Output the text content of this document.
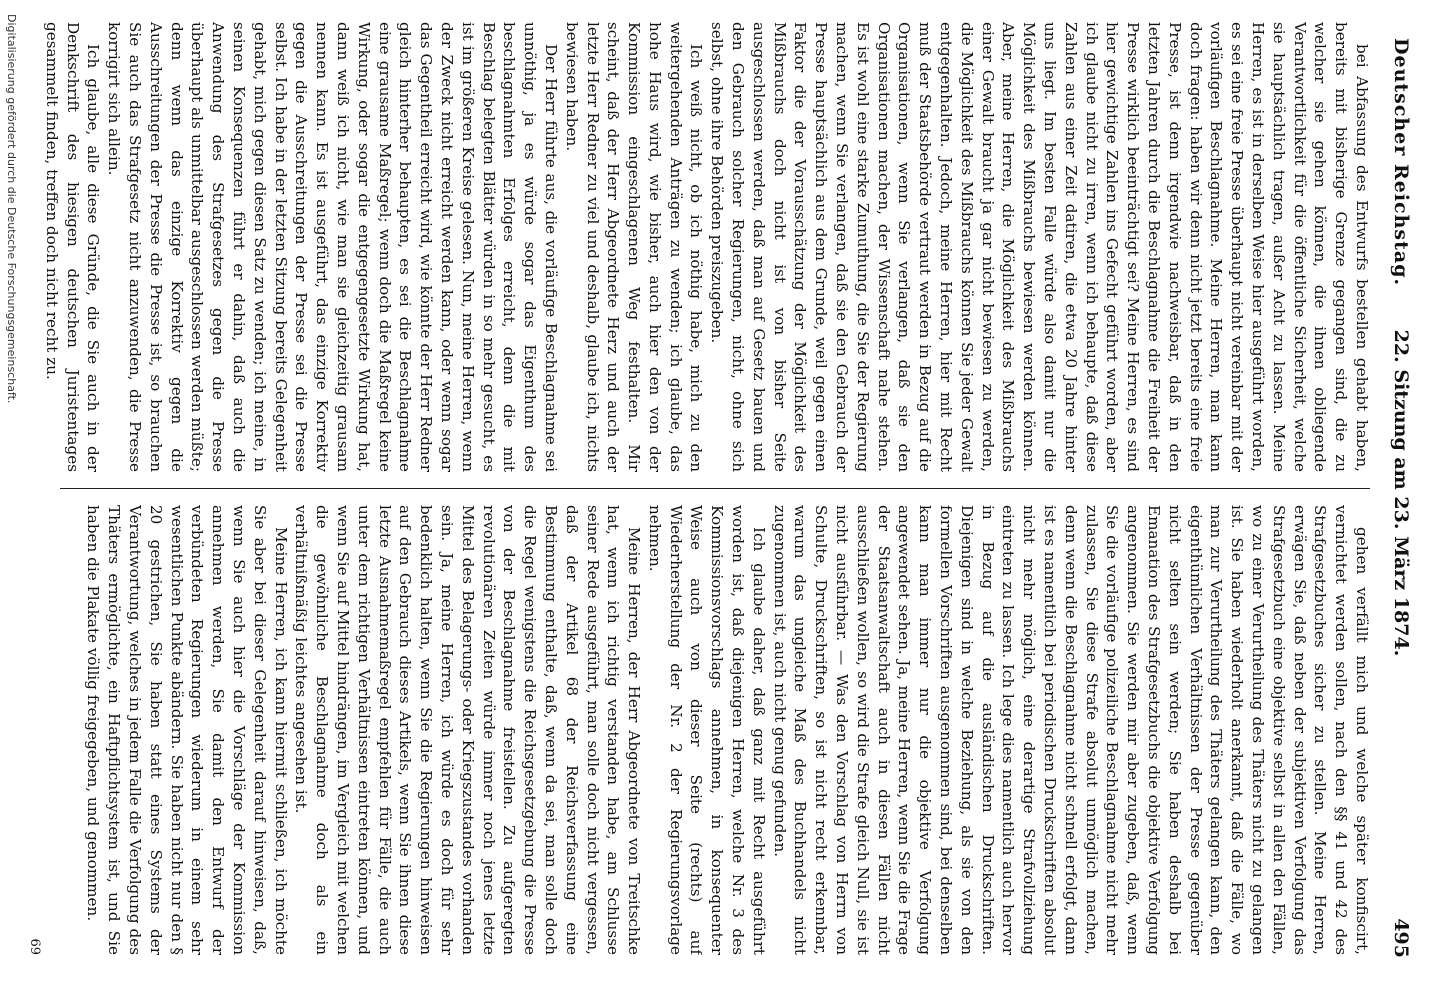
Deutscher Reichstag.
22. Sitzung am 23. März 1874.
495

bei Abfassung des Entwurfs bestellen gehabt haben, bereits mit bisherige Grenze gegangen sind, die zu welcher sie gehen können, die ihnen obliegende Verantwortlichkeit für die öffentliche Sicherheit, welche sie hauptsächlich tragen, außer Acht zu lassen. Meine Herren, es ist in derselben Weise hier ausgeführt worden, es sei eine freie Presse überhaupt nicht vereinbar mit der vorläufigen Beschlagnahme. Meine Herren, man kann doch fragen: haben wir denn nicht jetzt bereits eine freie Presse, ist denn irgendwie nachweisbar, daß in den letzten Jahren durch die Beschlagnahme die Freiheit der Presse wirklich beeinträchtigt sei? Meine Herren, es sind hier gewichtige Zahlen ins Gefecht geführt worden, aber ich glaube nicht zu irren, wenn ich behaupte, daß diese Zahlen aus einer Zeit datiren, die etwa 20 Jahre hinter uns liegt. Im besten Falle würde also damit nur die Möglichkeit des Mißbrauchs bewiesen werden können. Aber, meine Herren, die Möglichkeit des Mißbrauchs einer Gewalt braucht ja gar nicht bewiesen zu werden, die Möglichkeit des Mißbrauchs können Sie jeder Gewalt entgegenhalten. Jedoch, meine Herren, hier mit Recht muß der Staatsbehörde vertraut werden in Bezug auf die Organisationen, wenn Sie verlangen, daß sie den Organisationen machen, der Wissenschaft nahe stehen. Es ist wohl eine starke Zumuthung, die Sie der Regierung machen, wenn Sie verlangen, daß sie den Gebrauch der Presse hauptsächlich aus dem Grunde, weil gegen einen Faktor die der Vorausschätzung der Möglichkeit des Mißbrauchs doch nicht ist von bisher Seite ausgeschlossen werden, daß man auf Gesetz bauen und den Gebrauch solcher Regierungen, nicht, ohne sich selbst, ohne ihre Behörden preiszugeben.

Ich weiß nicht, ob ich nöthig habe, mich zu den weitergehenden Anträgen zu wenden; ich glaube, das hohe Haus wird, wie bisher, auch hier den von der Kommission eingeschlagenen Weg festhalten. Mir scheint, daß der Herr Abgeordnete Herz und auch der letzte Herr Redner zu viel und deshalb, glaube ich, nichts bewiesen haben.

Der Herr führte aus, die vorläufige Beschlagnahme sei unnöthig, ja es würde sogar das Eigenthum des beschlagnahmten Erfolges erreicht, denn die mit Beschlag belegten Blätter würden in so mehr gesucht, es ist im größeren Kreise gelesen. Nun, meine Herren, wenn der Zweck nicht erreicht werden kann, oder wenn sogar das Gegentheil erreicht wird, wie könnte der Herr Redner gleich hinterher behaupten, es sei die Beschlagnahme eine grausame Maßregel; wenn doch die Maßregel keine Wirkung, oder sogar die entgegengesetzte Wirkung hat, dann weiß ich nicht, wie man sie gleichzeitig grausam nennen kann. Es ist ausgeführt, das einzige Korrektiv gegen die Ausschreitungen der Presse sei die Presse selbst. Ich habe in der letzten Sitzung bereits Gelegenheit gehabt, mich gegen diesen Satz zu wenden; ich meine, in seinen Konsequenzen führt er dahin, daß auch die Anwendung des Strafgesetzes gegen die Presse überhaupt als unmittelbar ausgeschlossen werden müßte; denn wenn das einzige Korrektiv gegen die Ausschreitungen der Presse die Presse ist, so brauchen Sie auch das Strafgesetz nicht anzuwenden, die Presse korrigirt sich allein.

Ich glaube, alle diese Gründe, die Sie auch in der Denkschrift des hiesigen deutschen Juristentages gesammelt finden, treffen doch nicht recht zu.

gehen verfällt mich und welche später konfiscirt, vernichtet werden sollen, nach den §§ 41 und 42 des Strafgesetzbuches sicher zu stellen. Meine Herren, erwägen Sie, daß neben der subjektiven Verfolgung das Strafgesetzbuch eine objektive selbst in allen den Fällen, wo zu einer Verurtheilung des Thäters nicht zu gelangen ist. Sie haben wiederholt anerkannt, daß die Fälle, wo man zur Verurtheilung des Thäters gelangen kann, den eigenthümlichen Verhältnissen der Presse gegenüber nicht selten sein werden; Sie haben deshalb bei Emanation des Strafgesetzbuchs die objektive Verfolgung angenommen. Sie werden mir aber zugeben, daß, wenn Sie die vorläufige polizeiliche Beschlagnahme nicht mehr zulassen, Sie diese Strafe absolut unmöglich machen, denn wenn die Beschlagnahme nicht schnell erfolgt, dann ist es namentlich bei periodischen Druckschriften absolut nicht mehr möglich, eine derartige Strafvollziehung eintreten zu lassen. Ich lege dies namentlich auch hervor in Bezug auf die ausländischen Druckschriften. Diejenigen sind in welche Beziehung, als sie von den formellen Vorschriften ausgenommen sind, bei denselben kann man immer nur die objektive Verfolgung angewendet sehen. Ja, meine Herren, wenn Sie die Frage der Staatsanwaltschaft auch in diesen Fällen nicht ausschließen wollen, so wird die Strafe gleich Null, sie ist nicht ausführbar. — Was den Vorschlag von Herrn von Schulte, Druckschriften, so ist nicht recht erkennbar, warum das ungleiche Maß des Buchhandels nicht zugenommen ist, auch nicht genug gefunden.

Ich glaube daher, daß ganz mit Recht ausgeführt worden ist, daß diejenigen Herren, welche Nr. 3 des Kommissionsvorschlags annehmen, in konsequenter Weise auch von dieser Seite (rechts) auf Wiederherstellung der Nr. 2 der Regierungsvorlage nehmen.

Meine Herren, der Herr Abgeordnete von Treitschke hat, wenn ich richtig verstanden habe, am Schlusse seiner Rede ausgeführt, man solle doch nicht vergessen, daß der Artikel 68 der Reichsverfassung eine Bestimmung enthalte, daß, wenn da sei, man solle doch die Regel wenigstens die Reichsgesetzgebung die Presse von der Beschlagnahme freistellen. Zu aufgeregten revolutionären Zeiten würde immer noch jenes letzte Mittel des Belagerungs- oder Kriegszustandes vorhanden sein. Ja, meine Herren, ich würde es doch für sehr bedenklich halten, wenn Sie die Regierungen hinweisen auf den Gebrauch dieses Artikels, wenn Sie ihnen diese letzte Ausnahmemaßregel empfehlen für Fälle, die auch unter dem richtigen Verhältnissen eintreten können, und wenn Sie auf Mittel hindrängen, im Vergleich mit welchen die gewöhnliche Beschlagnahme doch als ein verhältnißmäßig leichtes angesehen ist.

Meine Herren, ich kann hiermit schließen, ich möchte Sie aber bei dieser Gelegenheit darauf hinweisen, daß, wenn Sie auch hier die Vorschläge der Kommission annehmen werden, Sie damit den Entwurf der verbündeten Regierungen wiederum in einem sehr wesentlichen Punkte abändern. Sie haben nicht nur den § 20 gestrichen, Sie haben statt eines Systems der Verantwortung, welches in jedem Falle die Verfolgung des Thäters ermöglichte, ein Haftpflichtsystem ist, und Sie haben die Plakate völlig freigegeben, und genommen.

69
Digitalisierung gefördert durch die Deutsche Forschungsgemeinschaft.
